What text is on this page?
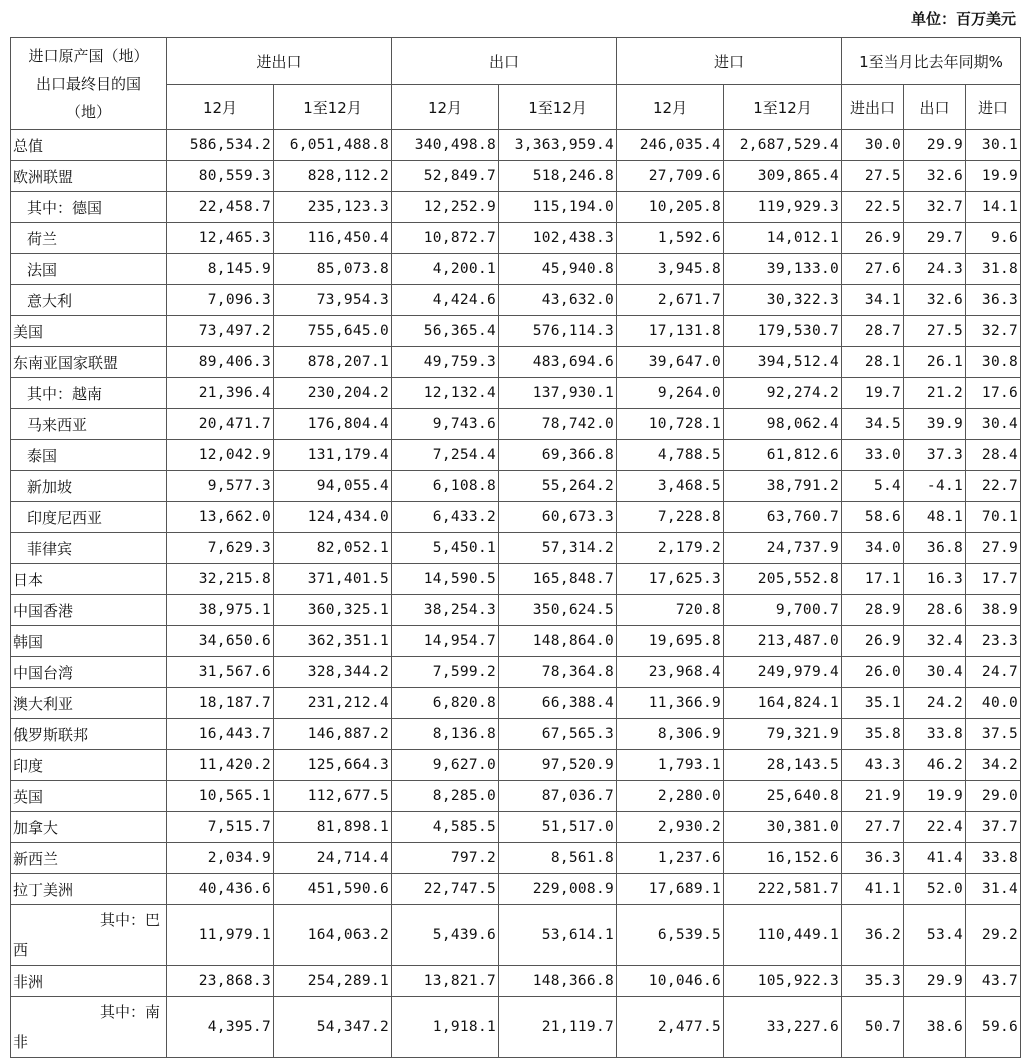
单位：百万美元
进口原产国（地）
出口最终目的国
（地）	进出口		出口		进口		1至当月比去年同期%		
	12月	1至12月	12月	1至12月	12月	1至12月	进出口	出口	进口
总值	586,534.2	6,051,488.8	340,498.8	3,363,959.4	246,035.4	2,687,529.4	30.0	29.9	30.1
欧洲联盟	80,559.3	828,112.2	52,849.7	518,246.8	27,709.6	309,865.4	27.5	32.6	19.9
其中：德国	22,458.7	235,123.3	12,252.9	115,194.0	10,205.8	119,929.3	22.5	32.7	14.1
荷兰	12,465.3	116,450.4	10,872.7	102,438.3	1,592.6	14,012.1	26.9	29.7	9.6
法国	8,145.9	85,073.8	4,200.1	45,940.8	3,945.8	39,133.0	27.6	24.3	31.8
意大利	7,096.3	73,954.3	4,424.6	43,632.0	2,671.7	30,322.3	34.1	32.6	36.3
美国	73,497.2	755,645.0	56,365.4	576,114.3	17,131.8	179,530.7	28.7	27.5	32.7
东南亚国家联盟	89,406.3	878,207.1	49,759.3	483,694.6	39,647.0	394,512.4	28.1	26.1	30.8
其中：越南	21,396.4	230,204.2	12,132.4	137,930.1	9,264.0	92,274.2	19.7	21.2	17.6
马来西亚	20,471.7	176,804.4	9,743.6	78,742.0	10,728.1	98,062.4	34.5	39.9	30.4
泰国	12,042.9	131,179.4	7,254.4	69,366.8	4,788.5	61,812.6	33.0	37.3	28.4
新加坡	9,577.3	94,055.4	6,108.8	55,264.2	3,468.5	38,791.2	5.4	-4.1	22.7
印度尼西亚	13,662.0	124,434.0	6,433.2	60,673.3	7,228.8	63,760.7	58.6	48.1	70.1
菲律宾	7,629.3	82,052.1	5,450.1	57,314.2	2,179.2	24,737.9	34.0	36.8	27.9
日本	32,215.8	371,401.5	14,590.5	165,848.7	17,625.3	205,552.8	17.1	16.3	17.7
中国香港	38,975.1	360,325.1	38,254.3	350,624.5	720.8	9,700.7	28.9	28.6	38.9
韩国	34,650.6	362,351.1	14,954.7	148,864.0	19,695.8	213,487.0	26.9	32.4	23.3
中国台湾	31,567.6	328,344.2	7,599.2	78,364.8	23,968.4	249,979.4	26.0	30.4	24.7
澳大利亚	18,187.7	231,212.4	6,820.8	66,388.4	11,366.9	164,824.1	35.1	24.2	40.0
俄罗斯联邦	16,443.7	146,887.2	8,136.8	67,565.3	8,306.9	79,321.9	35.8	33.8	37.5
印度	11,420.2	125,664.3	9,627.0	97,520.9	1,793.1	28,143.5	43.3	46.2	34.2
英国	10,565.1	112,677.5	8,285.0	87,036.7	2,280.0	25,640.8	21.9	19.9	29.0
加拿大	7,515.7	81,898.1	4,585.5	51,517.0	2,930.2	30,381.0	27.7	22.4	37.7
新西兰	2,034.9	24,714.4	797.2	8,561.8	1,237.6	16,152.6	36.3	41.4	33.8
拉丁美洲	40,436.6	451,590.6	22,747.5	229,008.9	17,689.1	222,581.7	41.1	52.0	31.4

其中：巴
西	11,979.1	164,063.2	5,439.6	53,614.1	6,539.5	110,449.1	36.2	53.4	29.2
非洲	23,868.3	254,289.1	13,821.7	148,366.8	10,046.6	105,922.3	35.3	29.9	43.7

其中：南
非	4,395.7	54,347.2	1,918.1	21,119.7	2,477.5	33,227.6	50.7	38.6	59.6
